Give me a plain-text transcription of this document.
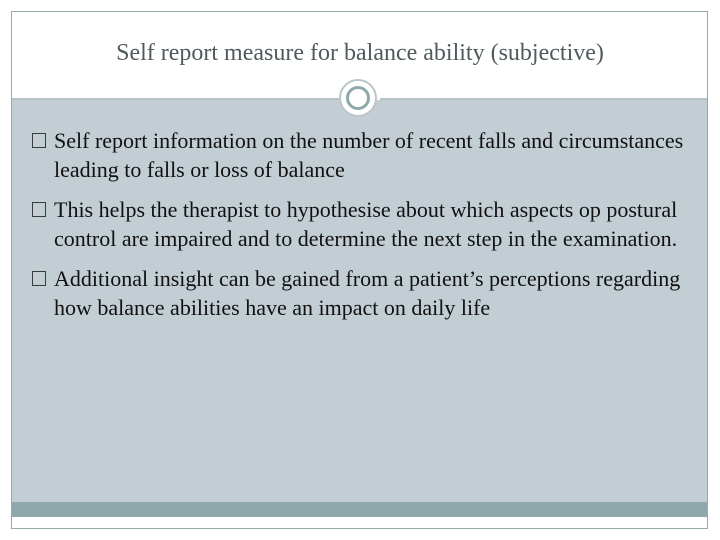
Self report measure for balance ability (subjective)
Self report information on the number of recent falls and circumstances leading to falls or loss of balance
This helps the therapist to hypothesise about which aspects op postural control are impaired and to determine the next step in the examination.
Additional insight can be gained from a patient’s perceptions regarding how balance abilities have an impact on daily life
